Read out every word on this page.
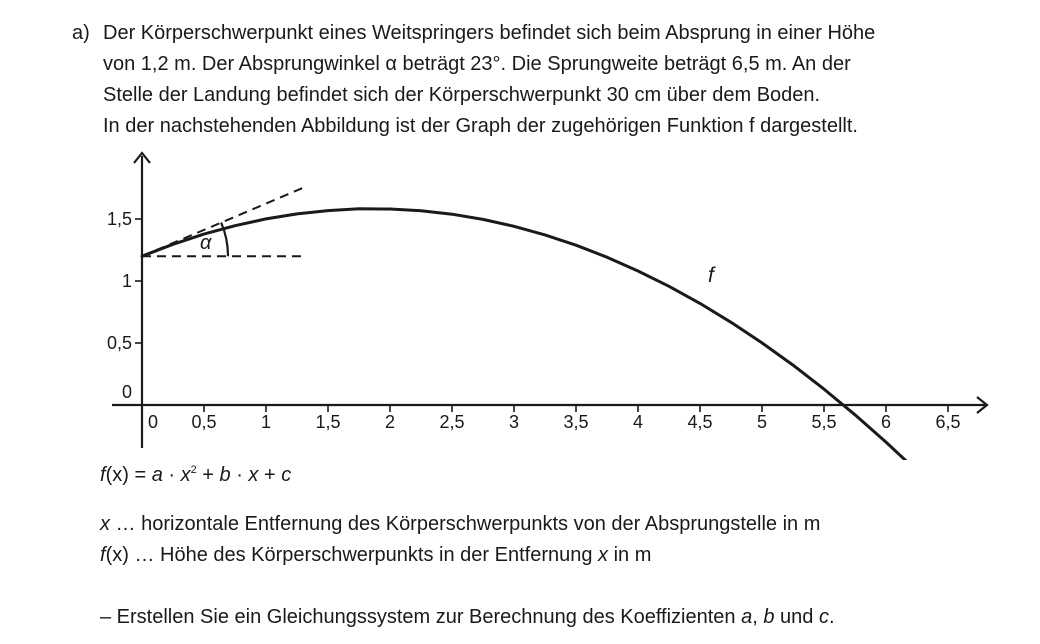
a) Der Körperschwerpunkt eines Weitspringers befindet sich beim Absprung in einer Höhe
von 1,2 m. Der Absprungwinkel α beträgt 23°. Die Sprungweite beträgt 6,5 m. An der
Stelle der Landung befindet sich der Körperschwerpunkt 30 cm über dem Boden.
In der nachstehenden Abbildung ist der Graph der zugehörigen Funktion f dargestellt.
0 0,5 1 1,5 2 2,5 3 3,5 4 4,5 5 5,5 6 6,5
0
0,5
1
1,5
α
f
$f(x) = a \cdot x^2 + b \cdot x + c$
x … horizontale Entfernung des Körperschwerpunkts von der Absprungstelle in m
f(x) … Höhe des Körperschwerpunkts in der Entfernung x in m
– Erstellen Sie ein Gleichungssystem zur Berechnung des Koeffizienten a, b und c.
